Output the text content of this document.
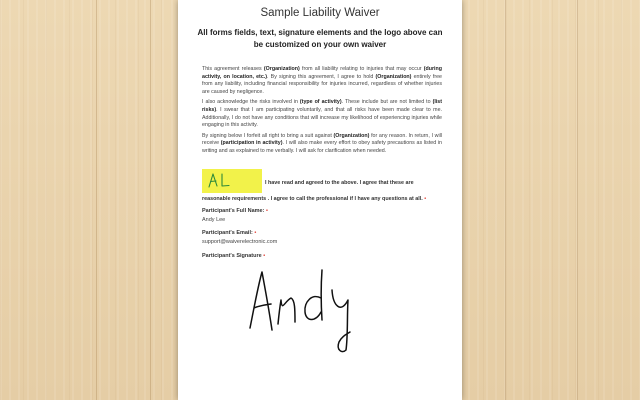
Sample Liability Waiver
All forms fields, text, signature elements and the logo above can be customized on your own waiver

This agreement releases (Organization) from all liability relating to injuries that may occur (during activity, on location, etc.). By signing this agreement, I agree to hold (Organization) entirely free from any liability, including financial responsibility for injuries incurred, regardless of whether injuries are caused by negligence.

I also acknowledge the risks involved in (type of activity). These include but are not limited to (list risks). I swear that I am participating voluntarily, and that all risks have been made clear to me. Additionally, I do not have any conditions that will increase my likelihood of experiencing injuries while engaging in this activity.

By signing below I forfeit all right to bring a suit against (Organization) for any reason. In return, I will receive (participation in activity). I will also make every effort to obey safety precautions as listed in writing and as explained to me verbally. I will ask for clarification when needed.

I have read and agreed to the above. I agree that these are
reasonable requirements . I agree to call the professional if I have any questions at all. •
Participant's Full Name: •
Andy Lee
Participant's Email: •
support@waiverelectronic.com
Participant's Signature •
